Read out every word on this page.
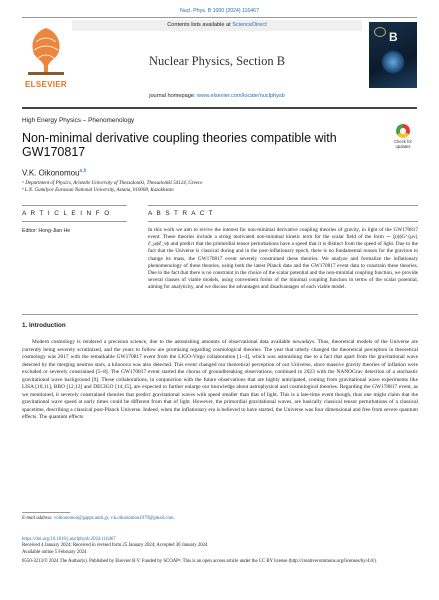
Nucl. Phys. B 1000 (2024) 116467
ELSEVIER
Contents lists available at ScienceDirect
Nuclear Physics, Section B
journal homepage: www.elsevier.com/locate/nuclphysb
B
High Energy Physics – Phenomenology
Non-minimal derivative coupling theories compatible with GW170817
Check for updates
V.K. Oikonomou$^{a,b}$
ᵃ Department of Physics, Aristotle University of Thessaloniki, Thessaloniki 54124, Greece
ᵇ L.N. Gumilyov Eurasian National University, Astana, 010008, Kazakhstan
A R T I C L E I N F O
Editor: Hong-Jian He
A B S T R A C T
In this work we aim to revive the interest for non-minimal derivative coupling theories of gravity, in light of the GW170817 event. These theories include a string motivated non-minimal kinetic term for the scalar field of the form ∼ ξ(ϕ)G^{μν}∂_μϕ∂_νϕ and predict that the primordial tensor perturbations have a speed that it is distinct from the speed of light. Due to the fact that the Universe is classical during and in the post-inflationary epoch, there is no fundamental reason for the graviton to change its mass, the GW170817 event severely constrained these theories. We analyze and formalize the inflationary phenomenology of these theories, using both the latest Planck data and the GW170817 event data to constrain these theories. Due to the fact that there is no constraint in the choice of the scalar potential and the non-minimal coupling function, we provide several classes of viable models, using convenient forms of the minimal coupling function in terms of the scalar potential, aiming for analyticity, and we discuss the advantages and disadvantages of each viable model.
1. Introduction
Modern cosmology is rendered a precision science, due to the astonishing amounts of observational data available nowadays. Thus, theoretical models of the Universe are currently being severely scrutinized, and the years to follow are promising regarding cosmological theories. The year that utterly changed the theoretical perception in theoretical cosmology was 2017 with the remarkable GW170817 event from the LIGO-Virgo collaboration [1–4], which was astonishing due to a fact that apart from the gravitational wave detected by the merging neutron stars, a kilonova was also detected. This event changed our theoretical perception of our Universe, since massive gravity theories of inflation were excluded or severely constrained [5–8]. The GW170817 event started the chorus of groundbreaking observations, continued in 2023 with the NANOGrav detection of a stochastic gravitational wave background [9]. These collaborations, in conjunction with the future observations that are highly anticipated, coming from gravitational wave experiments like LISA [10,11], BBO [12,13] and DECIGO [14,15], are expected to further enlarge our knowledge about astrophysical and cosmological theories. Regarding the GW170817 event, as we mentioned, it severely constrained theories that predict gravitational waves with speed smaller than that of light. This is a late-time event though, thus one might claim that the gravitational wave speed at early times could be different from that of light. However, the primordial gravitational waves, are basically classical tensor perturbations of a classical spacetime, describing a classical post-Planck Universe. Indeed, when the inflationary era is believed to have started, the Universe was four dimensional and free from severe quantum effects. The quantum effects
E-mail address: voikonomou@gapps.auth.gr, v.k.oikonomou1979@gmail.com.
https://doi.org/10.1016/j.nuclphysb.2024.116467
Received 4 January 2024; Received in revised form 25 January 2024; Accepted 30 January 2024
Available online 5 February 2024
0550-3213/© 2024 The Author(s). Published by Elsevier B.V. Funded by SCOAP³. This is an open access article under the CC BY license (http://creativecommons.org/licenses/by/4.0/).
